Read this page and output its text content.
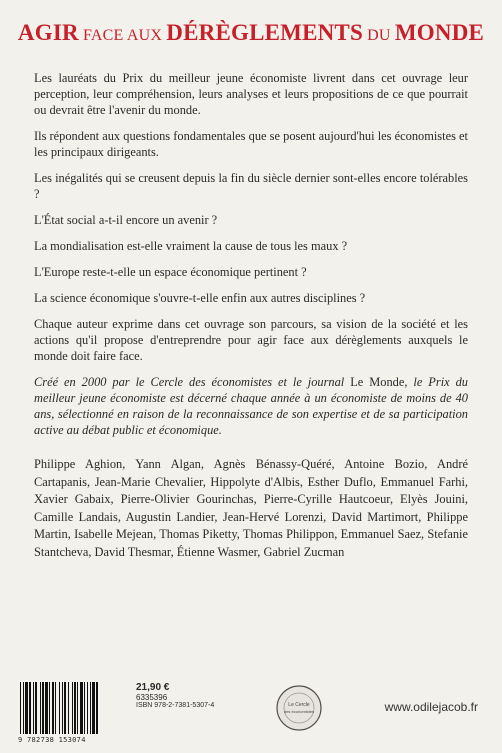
AGIR FACE AUX DÉRÈGLEMENTS DU MONDE

Les lauréats du Prix du meilleur jeune économiste livrent dans cet ouvrage leur perception, leur compréhension, leurs analyses et leurs propositions de ce que pourrait ou devrait être l'avenir du monde.

Ils répondent aux questions fondamentales que se posent aujourd'hui les économistes et les principaux dirigeants.

Les inégalités qui se creusent depuis la fin du siècle dernier sont-elles encore tolérables ?

L'État social a-t-il encore un avenir ?

La mondialisation est-elle vraiment la cause de tous les maux ?

L'Europe reste-t-elle un espace économique pertinent ?

La science économique s'ouvre-t-elle enfin aux autres disciplines ?

Chaque auteur exprime dans cet ouvrage son parcours, sa vision de la société et les actions qu'il propose d'entreprendre pour agir face aux dérèglements auxquels le monde doit faire face.

Créé en 2000 par le Cercle des économistes et le journal Le Monde, le Prix du meilleur jeune économiste est décerné chaque année à un économiste de moins de 40 ans, sélectionné en raison de la reconnaissance de son expertise et de sa participation active au débat public et économique.

Philippe Aghion, Yann Algan, Agnès Bénassy-Quéré, Antoine Bozio, André Cartapanis, Jean-Marie Chevalier, Hippolyte d'Albis, Esther Duflo, Emmanuel Farhi, Xavier Gabaix, Pierre-Olivier Gourinchas, Pierre-Cyrille Hautcoeur, Elyès Jouini, Camille Landais, Augustin Landier, Jean-Hervé Lorenzi, David Martimort, Philippe Martin, Isabelle Mejean, Thomas Piketty, Thomas Philippon, Emmanuel Saez, Stefanie Stantcheva, David Thesmar, Étienne Wasmer, Gabriel Zucman
9 782738 153074
21,90 €
6335396
ISBN 978-2-7381-5307-4	Le Cercle
des économistes	www.odilejacob.fr
